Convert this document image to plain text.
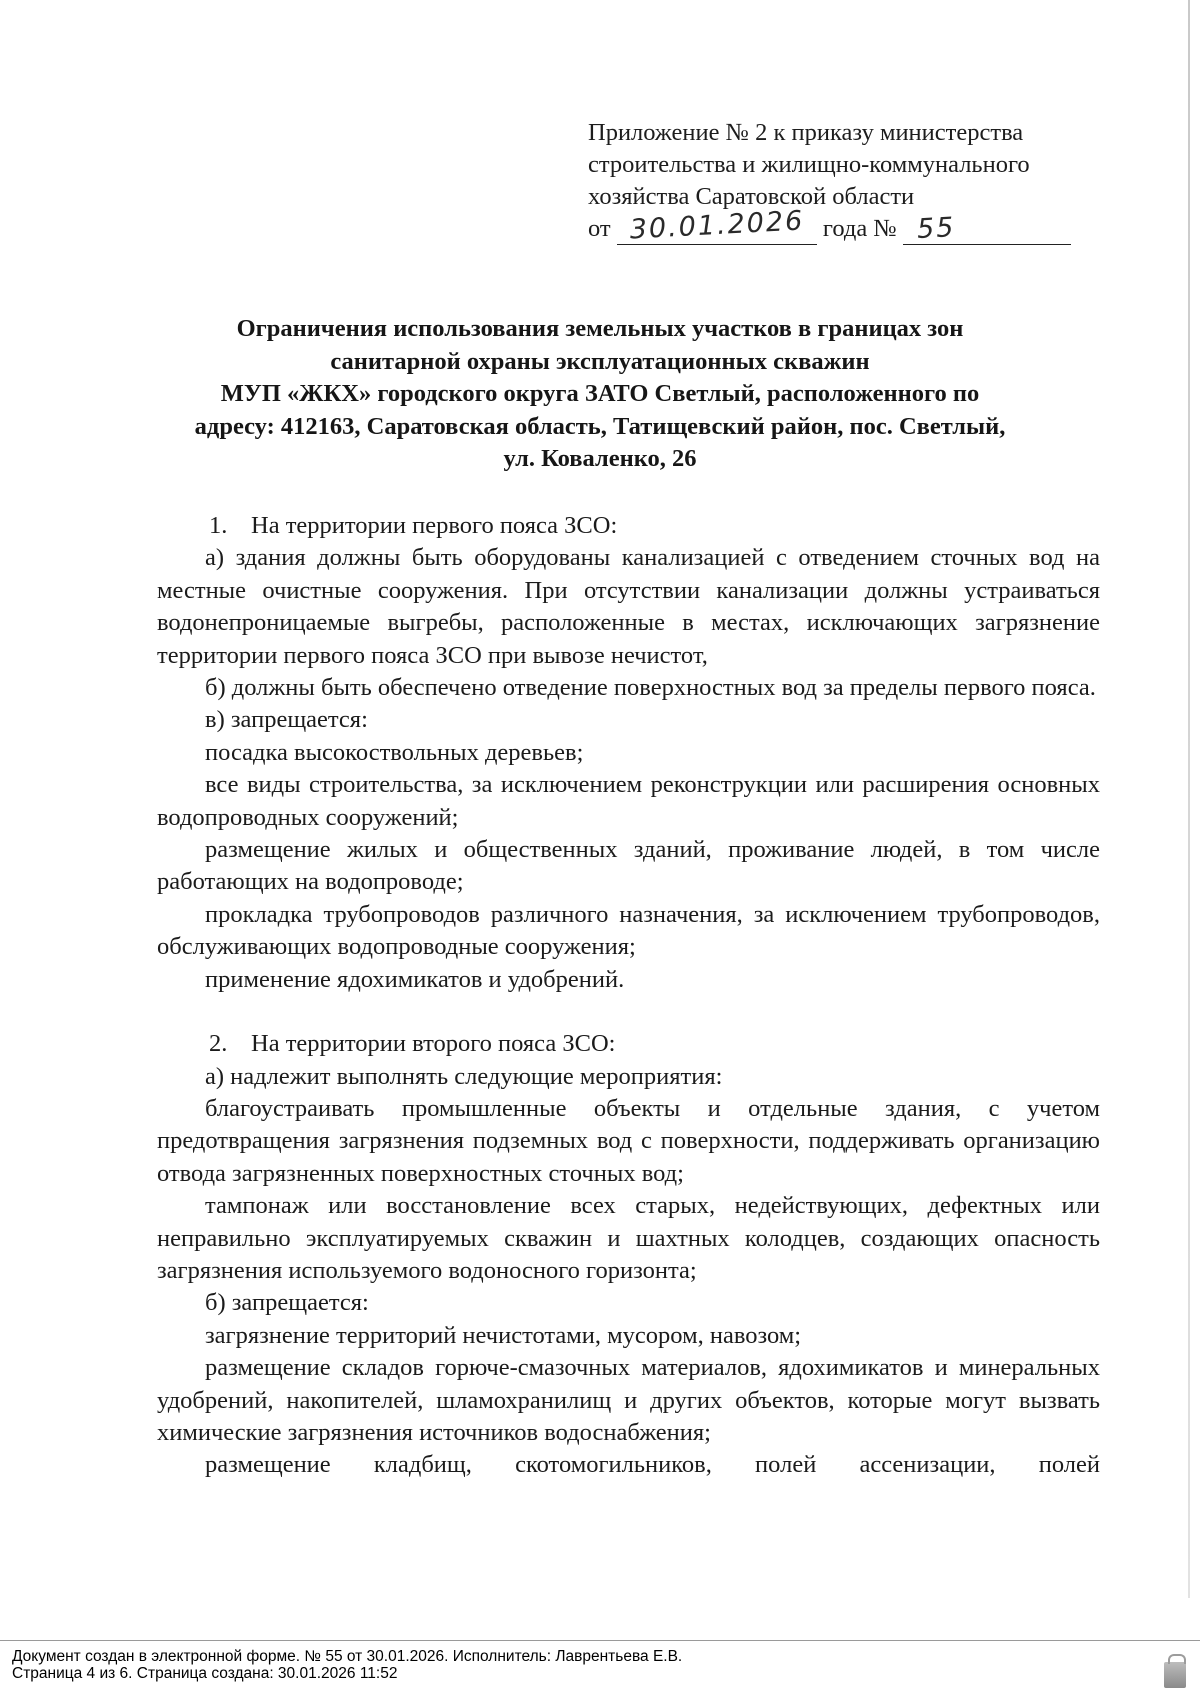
Приложение № 2 к приказу министерства
строительства и жилищно-коммунального
хозяйства Саратовской области
от 30.01.2026 года № 55
Ограничения использования земельных участков в границах зон
санитарной охраны эксплуатационных скважин
МУП «ЖКХ» городского округа ЗАТО Светлый, расположенного по
адресу: 412163, Саратовская область, Татищевский район, пос. Светлый,
ул. Коваленко, 26

1. На территории первого пояса ЗСО:

а) здания должны быть оборудованы канализацией с отведением сточных вод на местные очистные сооружения. При отсутствии канализации должны устраиваться водонепроницаемые выгребы, расположенные в местах, исключающих загрязнение территории первого пояса ЗСО при вывозе нечистот,

б) должны быть обеспечено отведение поверхностных вод за пределы первого пояса.

в) запрещается:

посадка высокоствольных деревьев;

все виды строительства, за исключением реконструкции или расширения основных водопроводных сооружений;

размещение жилых и общественных зданий, проживание людей, в том числе работающих на водопроводе;

прокладка трубопроводов различного назначения, за исключением трубопроводов, обслуживающих водопроводные сооружения;

применение ядохимикатов и удобрений.

2. На территории второго пояса ЗСО:

а) надлежит выполнять следующие мероприятия:

благоустраивать промышленные объекты и отдельные здания, с учетом предотвращения загрязнения подземных вод с поверхности, поддерживать организацию отвода загрязненных поверхностных сточных вод;

тампонаж или восстановление всех старых, недействующих, дефектных или неправильно эксплуатируемых скважин и шахтных колодцев, создающих опасность загрязнения используемого водоносного горизонта;

б) запрещается:

загрязнение территорий нечистотами, мусором, навозом;

размещение складов горюче-смазочных материалов, ядохимикатов и минеральных удобрений, накопителей, шламохранилищ и других объектов, которые могут вызвать химические загрязнения источников водоснабжения;

размещение кладбищ, скотомогильников, полей ассенизации, полей

Документ создан в электронной форме. № 55 от 30.01.2026. Исполнитель: Лаврентьева Е.В.
Страница 4 из 6. Страница создана: 30.01.2026 11:52
